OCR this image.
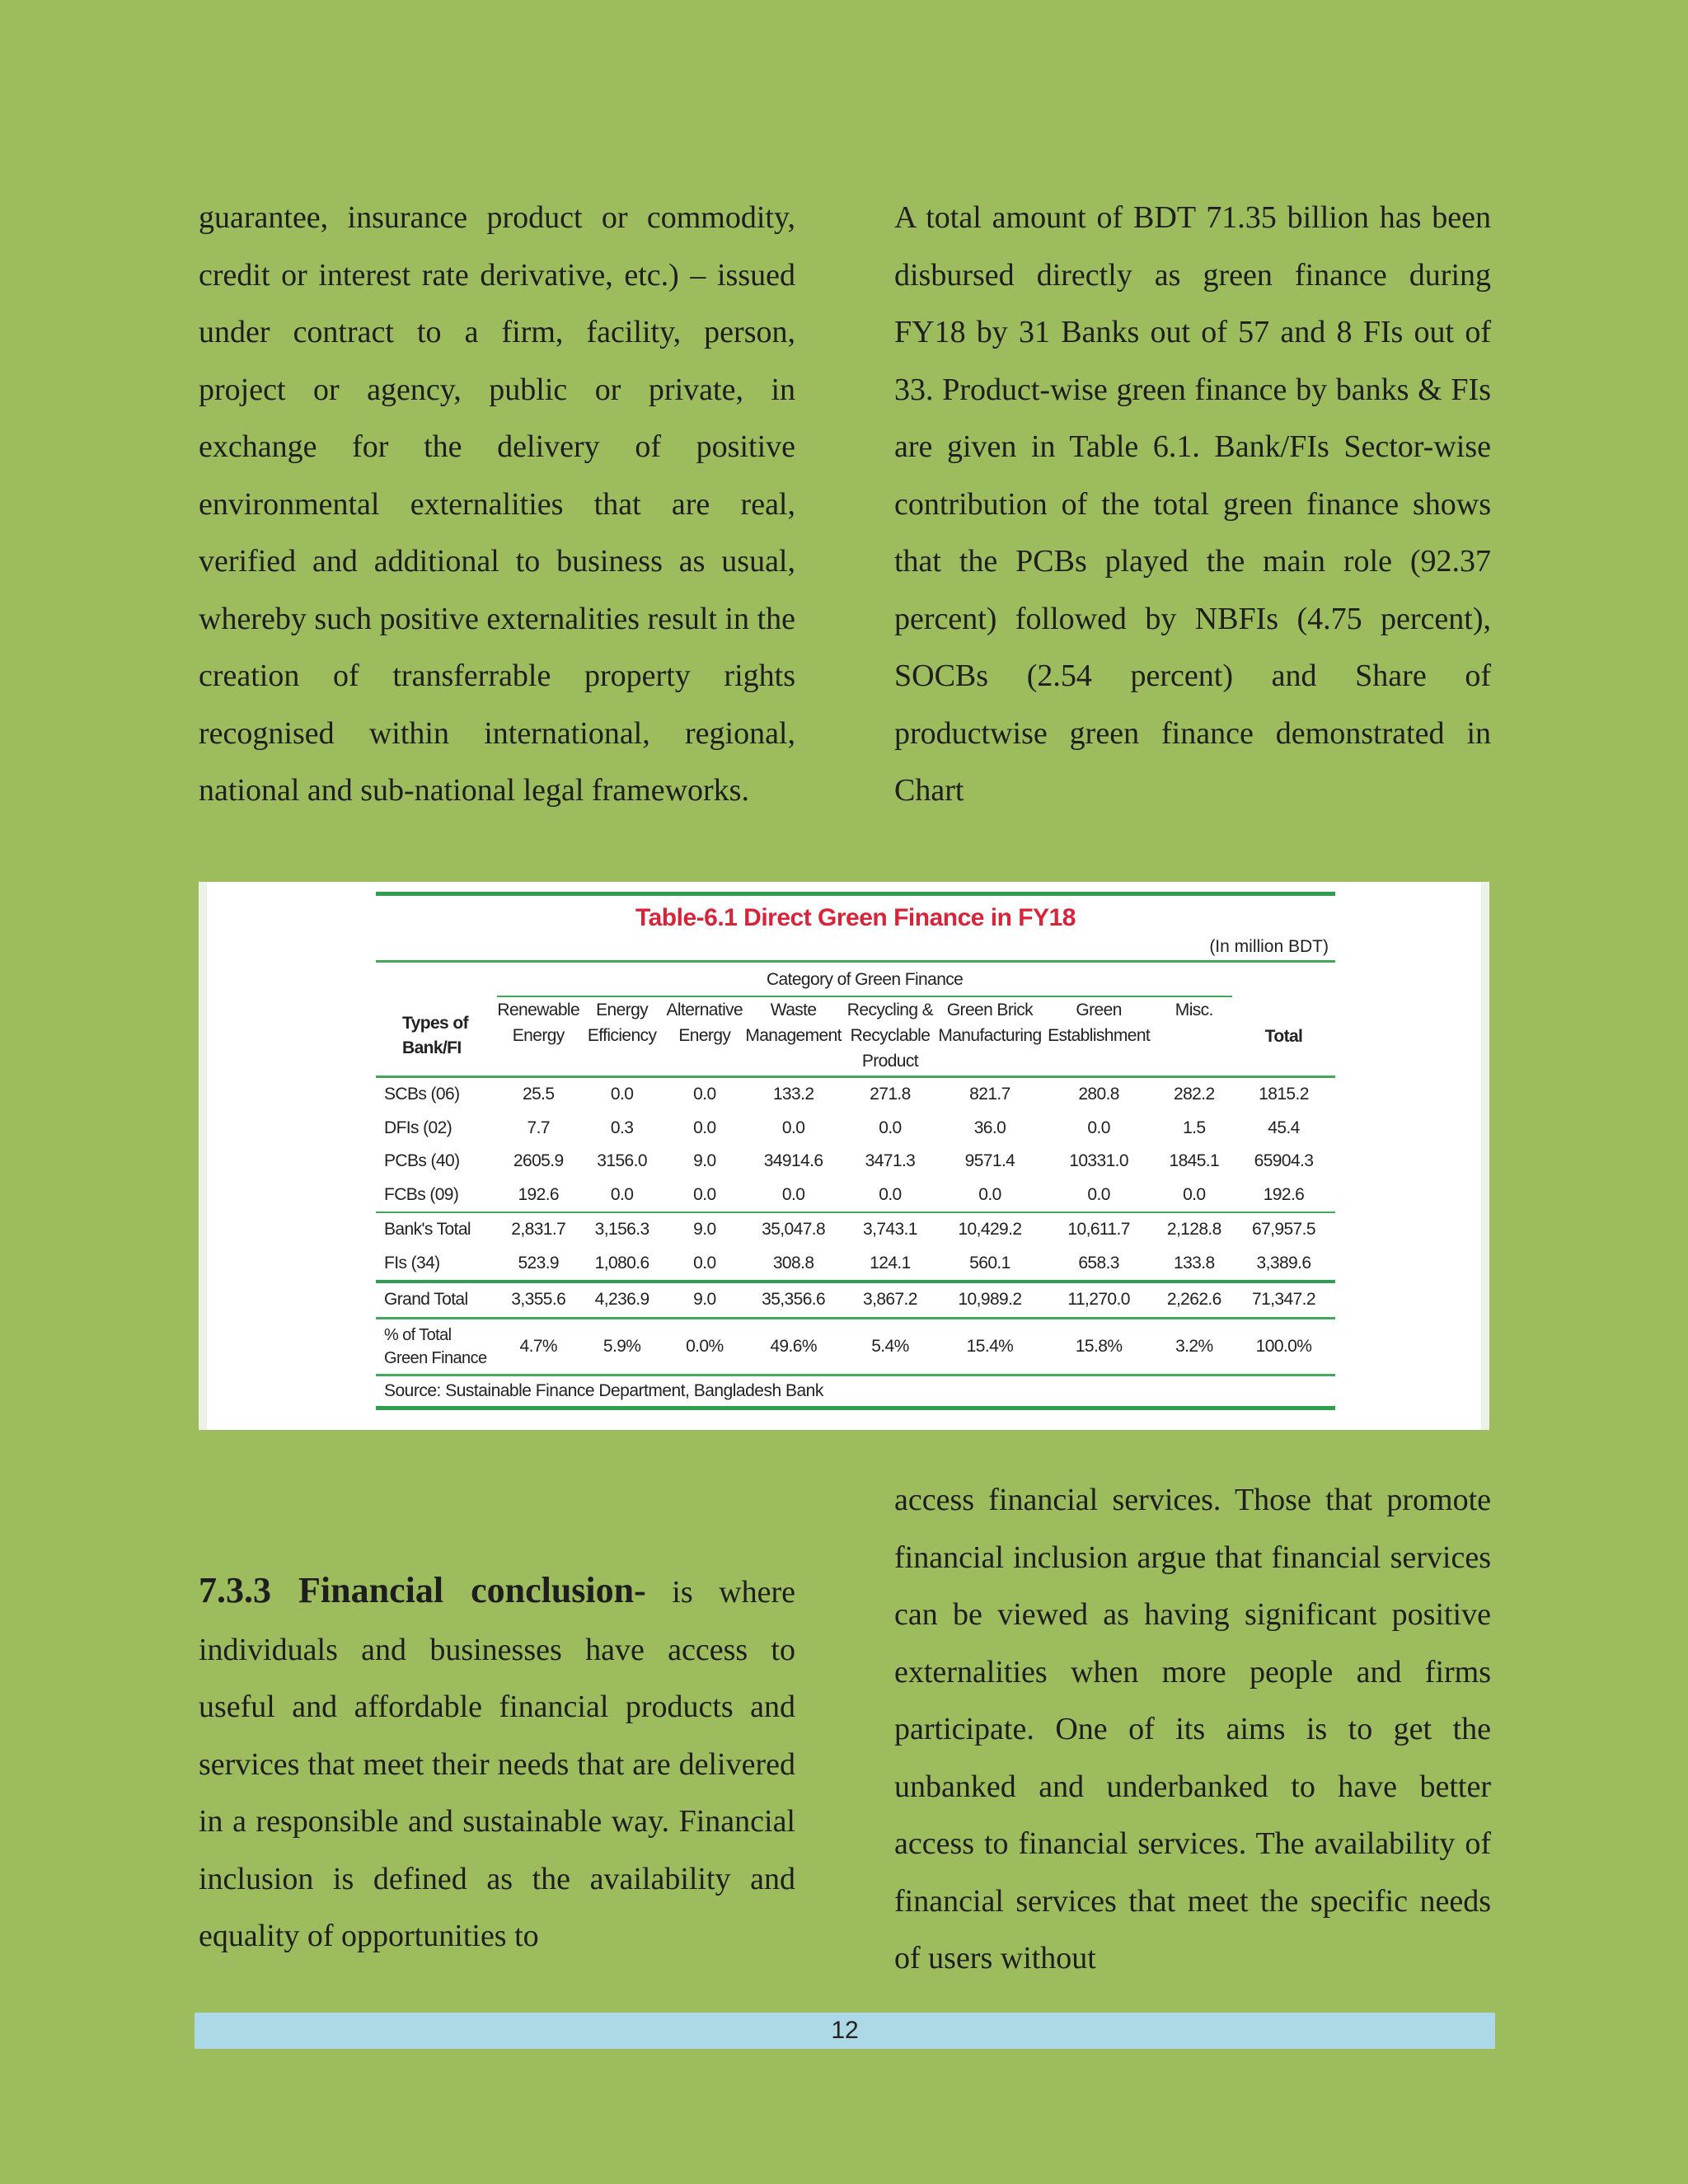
guarantee, insurance product or commodity, credit or interest rate derivative, etc.) – issued under contract to a firm, facility, person, project or agency, public or private, in exchange for the delivery of positive environmental externalities that are real, verified and additional to business as usual, whereby such positive externalities result in the creation of transferrable property rights recognised within international, regional, national and sub-national legal frameworks.

A total amount of BDT 71.35 billion has been disbursed directly as green finance during FY18 by 31 Banks out of 57 and 8 FIs out of 33. Product-wise green finance by banks & FIs are given in Table 6.1. Bank/FIs Sector-wise contribution of the total green finance shows that the PCBs played the main role (92.37 percent) followed by NBFIs (4.75 percent), SOCBs (2.54 percent) and Share of productwise green finance demonstrated in Chart

Table-6.1 Direct Green Finance in FY18
(In million BDT)
	Category of Green Finance								
Types of Bank/FI	Renewable Energy	Energy Efficiency	Alternative Energy	Waste Management	Recycling & Recyclable Product	Green Brick Manufacturing	Green Establishment	Misc.	Total
SCBs (06)	25.5	0.0	0.0	133.2	271.8	821.7	280.8	282.2	1815.2
DFIs (02)	7.7	0.3	0.0	0.0	0.0	36.0	0.0	1.5	45.4
PCBs (40)	2605.9	3156.0	9.0	34914.6	3471.3	9571.4	10331.0	1845.1	65904.3
FCBs (09)	192.6	0.0	0.0	0.0	0.0	0.0	0.0	0.0	192.6
Bank's Total	2,831.7	3,156.3	9.0	35,047.8	3,743.1	10,429.2	10,611.7	2,128.8	67,957.5
FIs (34)	523.9	1,080.6	0.0	308.8	124.1	560.1	658.3	133.8	3,389.6
Grand Total	3,355.6	4,236.9	9.0	35,356.6	3,867.2	10,989.2	11,270.0	2,262.6	71,347.2
% of Total Green Finance	4.7%	5.9%	0.0%	49.6%	5.4%	15.4%	15.8%	3.2%	100.0%
Source: Sustainable Finance Department, Bangladesh Bank

7.3.3 Financial conclusion- is where individuals and businesses have access to useful and affordable financial products and services that meet their needs that are delivered in a responsible and sustainable way. Financial inclusion is defined as the availability and equality of opportunities to

access financial services. Those that promote financial inclusion argue that financial services can be viewed as having significant positive externalities when more people and firms participate. One of its aims is to get the unbanked and underbanked to have better access to financial services. The availability of financial services that meet the specific needs of users without

12
